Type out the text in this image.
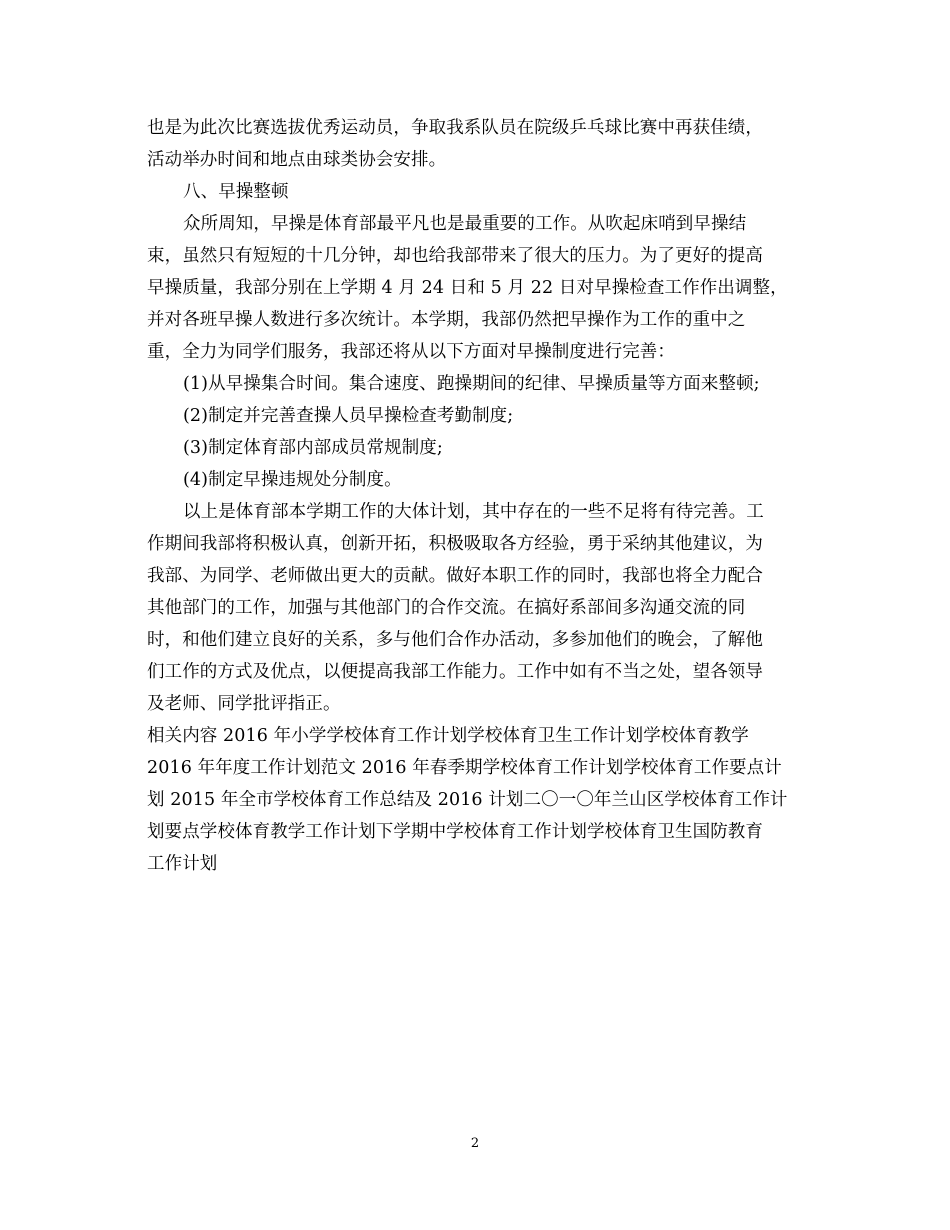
也是为此次比赛选拔优秀运动员，争取我系队员在院级乒乓球比赛中再获佳绩，
活动举办时间和地点由球类协会安排。
八、早操整顿
众所周知，早操是体育部最平凡也是最重要的工作。从吹起床哨到早操结
束，虽然只有短短的十几分钟，却也给我部带来了很大的压力。为了更好的提高
早操质量，我部分别在上学期 4 月 24 日和 5 月 22 日对早操检查工作作出调整，
并对各班早操人数进行多次统计。本学期，我部仍然把早操作为工作的重中之
重，全力为同学们服务，我部还将从以下方面对早操制度进行完善：
(1)从早操集合时间。集合速度、跑操期间的纪律、早操质量等方面来整顿;
(2)制定并完善查操人员早操检查考勤制度;
(3)制定体育部内部成员常规制度;
(4)制定早操违规处分制度。
以上是体育部本学期工作的大体计划，其中存在的一些不足将有待完善。工
作期间我部将积极认真，创新开拓，积极吸取各方经验，勇于采纳其他建议，为
我部、为同学、老师做出更大的贡献。做好本职工作的同时，我部也将全力配合
其他部门的工作，加强与其他部门的合作交流。在搞好系部间多沟通交流的同
时，和他们建立良好的关系，多与他们合作办活动，多参加他们的晚会，了解他
们工作的方式及优点，以便提高我部工作能力。工作中如有不当之处，望各领导
及老师、同学批评指正。
相关内容 2016 年小学学校体育工作计划学校体育卫生工作计划学校体育教学
2016 年年度工作计划范文 2016 年春季期学校体育工作计划学校体育工作要点计
划 2015 年全市学校体育工作总结及 2016 计划二〇一〇年兰山区学校体育工作计
划要点学校体育教学工作计划下学期中学校体育工作计划学校体育卫生国防教育
工作计划
2
